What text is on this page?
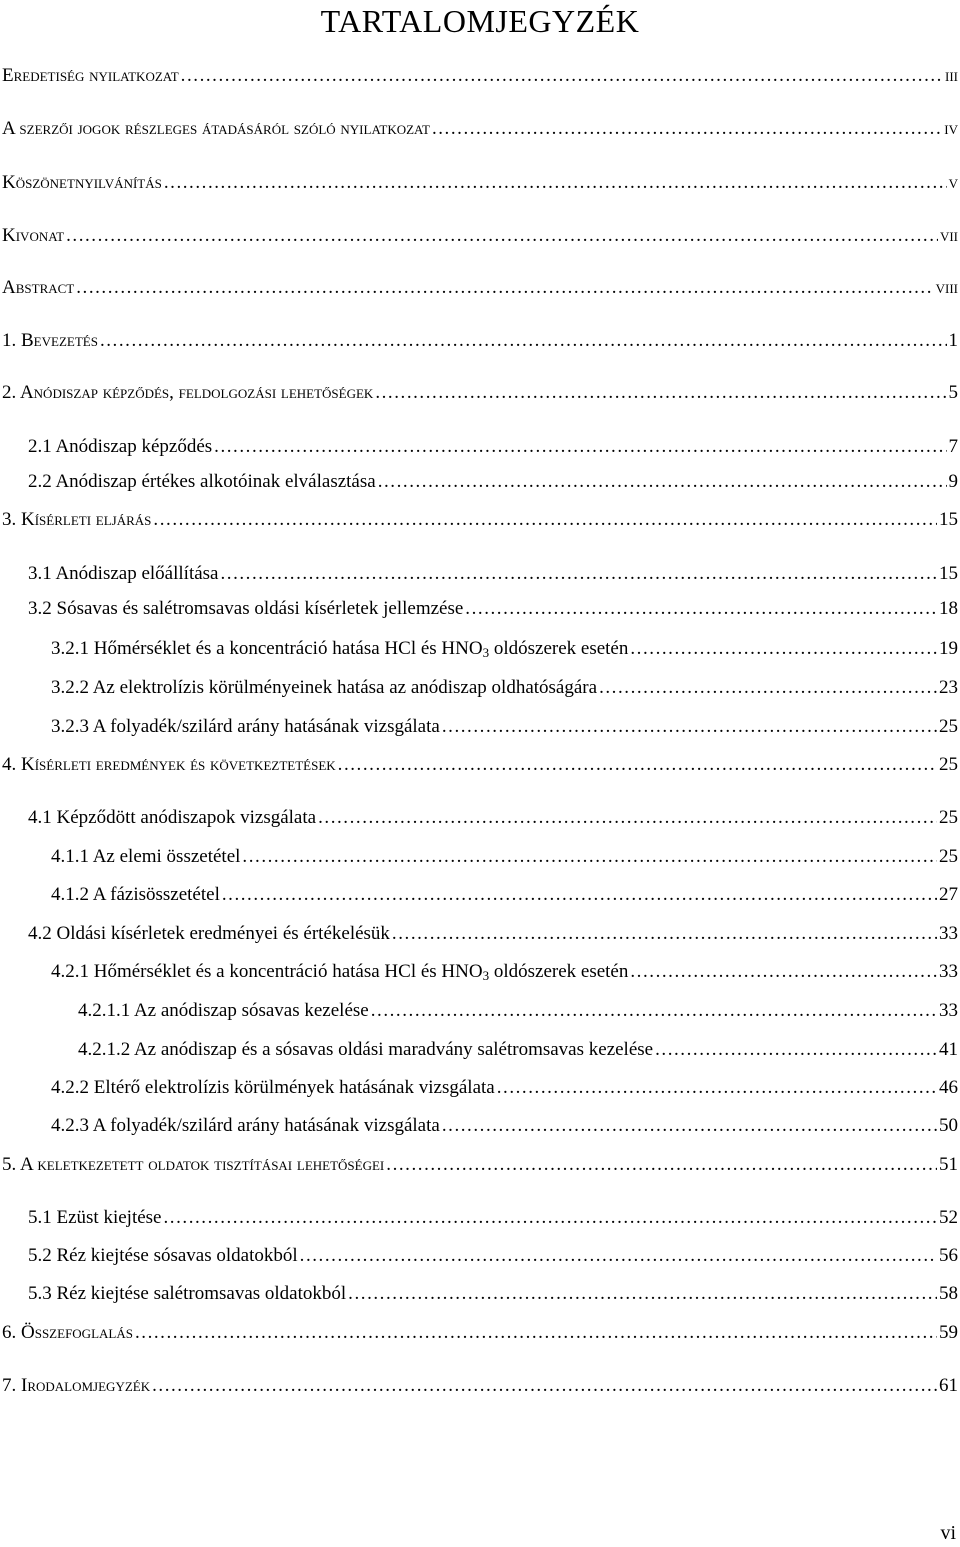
TARTALOMJEGYZÉK
Eredetiség nyilatkozat . . .	iii
A szerzői jogok részleges átadásáról szóló nyilatkozat . . .	iv
Köszönetnyilvánítás . . .	v
Kivonat . . .	vii
Abstract . . .	viii
1. Bevezetés . . .	1
2. Anódiszap képződés, feldolgozási lehetőségek . . .	5
2.1 Anódiszap képződés . . .	7
2.2 Anódiszap értékes alkotóinak elválasztása . . .	9
3. Kísérleti eljárás . . .	15
3.1 Anódiszap előállítása . . .	15
3.2 Sósavas és salétromsavas oldási kísérletek jellemzése . . .	18
3.2.1 Hőmérséklet és a koncentráció hatása HCl és $HNO_3$ oldószerek esetén . . .	19
3.2.2 Az elektrolízis körülményeinek hatása az anódiszap oldhatóságára . . .	23
3.2.3 A folyadék/szilárd arány hatásának vizsgálata . . .	25
4. Kísérleti eredmények és következtetések . . .	25
4.1 Képződött anódiszapok vizsgálata . . .	25
4.1.1 Az elemi összetétel . . .	25
4.1.2 A fázisösszetétel . . .	27
4.2 Oldási kísérletek eredményei és értékelésük . . .	33
4.2.1 Hőmérséklet és a koncentráció hatása HCl és $HNO_3$ oldószerek esetén . . .	33
4.2.1.1 Az anódiszap sósavas kezelése . . .	33
4.2.1.2 Az anódiszap és a sósavas oldási maradvány salétromsavas kezelése . . .	41
4.2.2 Eltérő elektrolízis körülmények hatásának vizsgálata . . .	46
4.2.3 A folyadék/szilárd arány hatásának vizsgálata . . .	50
5. A keletkezetett oldatok tisztításai lehetőségei . . .	51
5.1 Ezüst kiejtése . . .	52
5.2 Réz kiejtése sósavas oldatokból . . .	56
5.3 Réz kiejtése salétromsavas oldatokból . . .	58
6. Összefoglalás . . .	59
7. Irodalomjegyzék . . .	61
vi
